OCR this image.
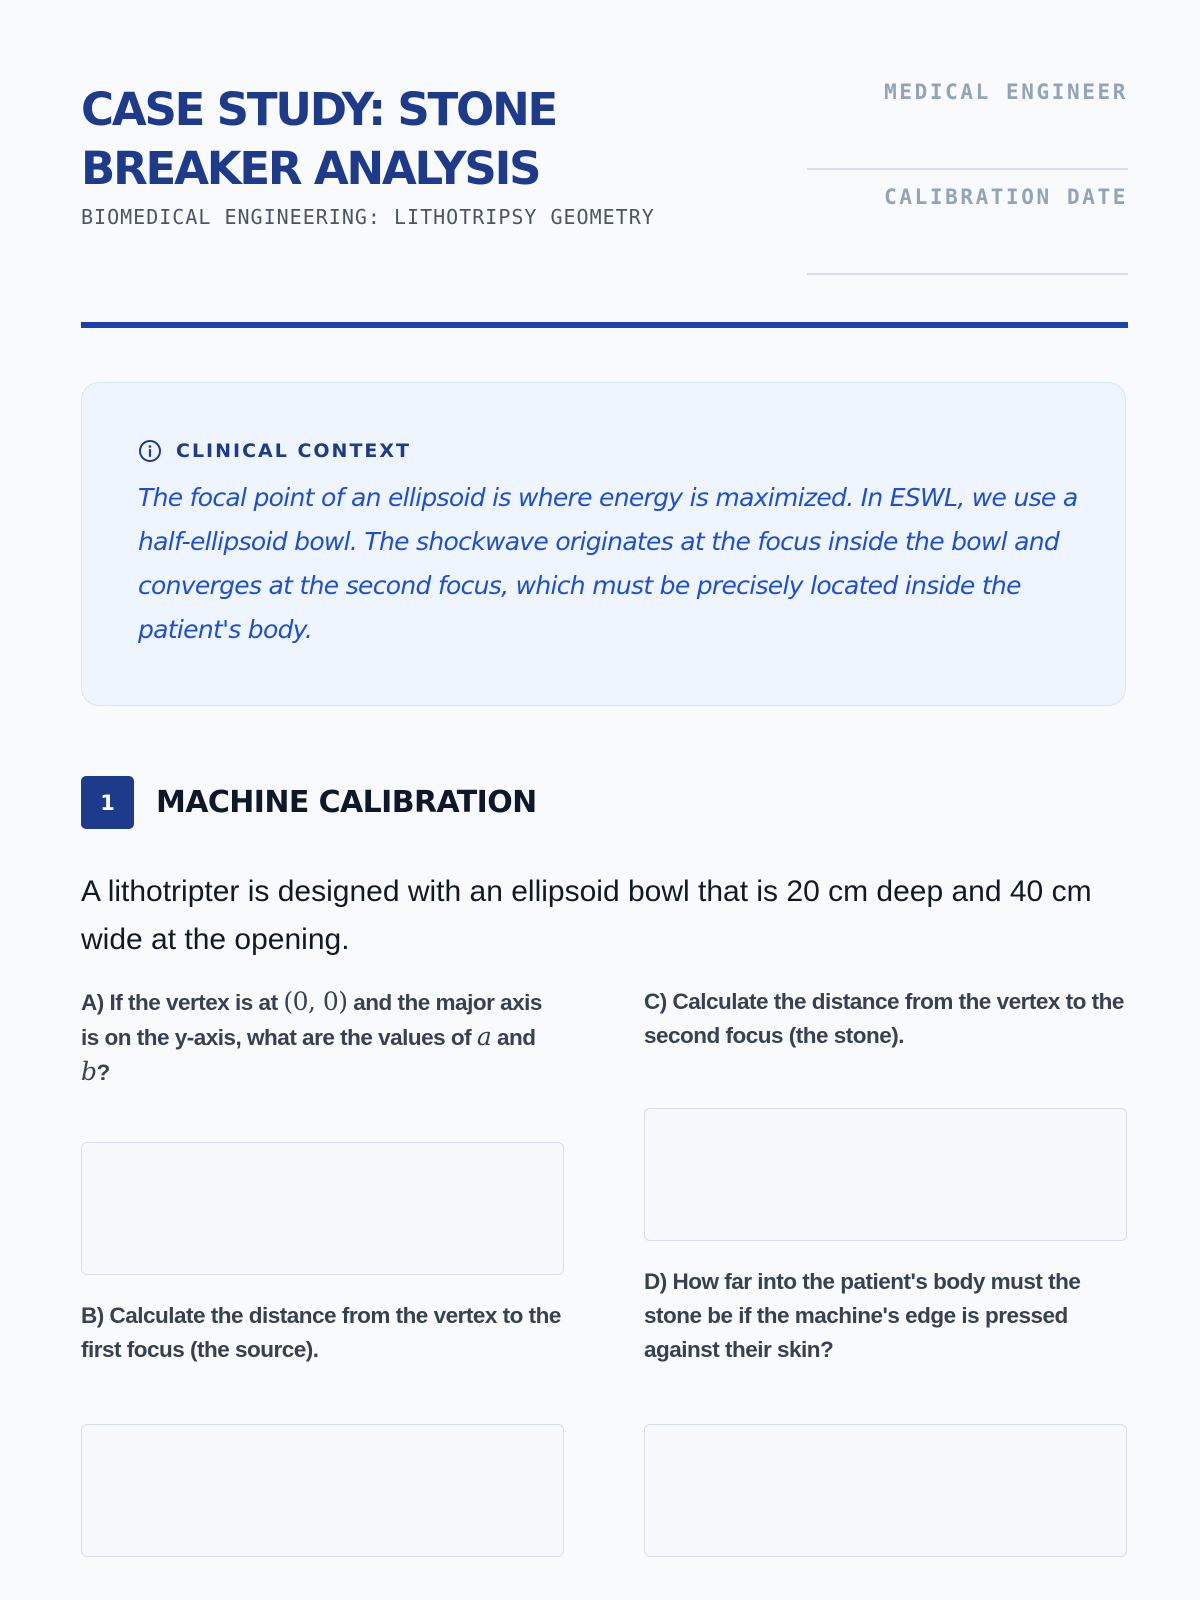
CASE STUDY: STONE BREAKER ANALYSIS
BIOMEDICAL ENGINEERING: LITHOTRIPSY GEOMETRY
MEDICAL ENGINEER
CALIBRATION DATE
CLINICAL CONTEXT

The focal point of an ellipsoid is where energy is maximized. In ESWL, we use a half-ellipsoid bowl. The shockwave originates at the focus inside the bowl and converges at the second focus, which must be precisely located inside the patient's body.

1	MACHINE CALIBRATION

A lithotripter is designed with an ellipsoid bowl that is 20 cm deep and 40 cm wide at the opening.

A) If the vertex is at (0, 0) and the major axis is on the y-axis, what are the values of a and b?

B) Calculate the distance from the vertex to the first focus (the source).

C) Calculate the distance from the vertex to the second focus (the stone).

D) How far into the patient's body must the stone be if the machine's edge is pressed against their skin?
